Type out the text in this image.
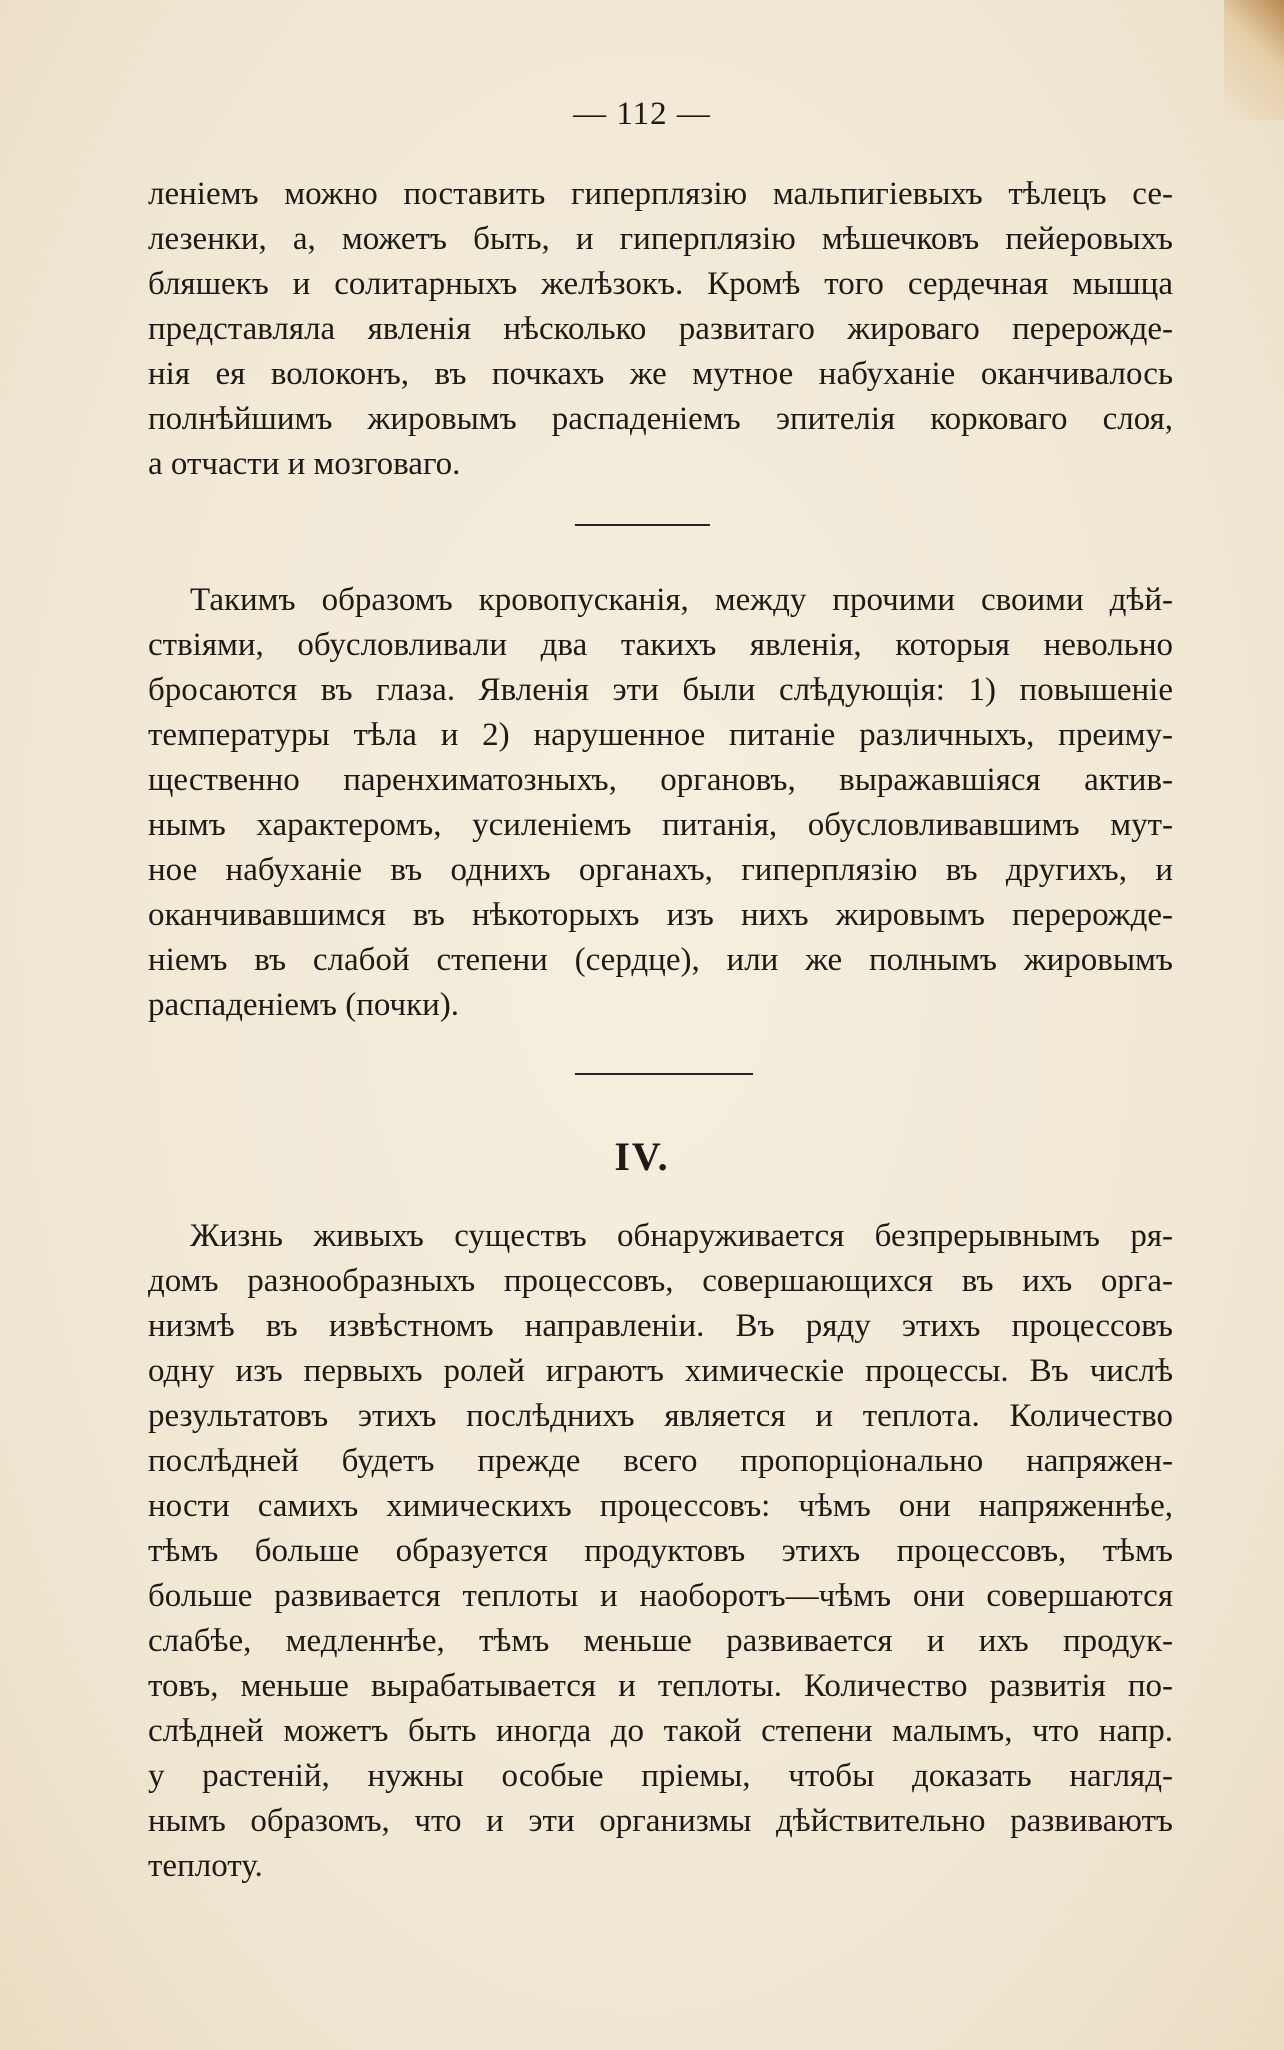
— 112 —
леніемъ можно поставить гиперплязію мальпигіевыхъ тѣлецъ се-
лезенки, а, можетъ быть, и гиперплязію мѣшечковъ пейеровыхъ
бляшекъ и солитарныхъ желѣзокъ. Кромѣ того сердечная мышца
представляла явленія нѣсколько развитаго жироваго перерожде-
нія ея волоконъ, въ почкахъ же мутное набуханіе оканчивалось
полнѣйшимъ жировымъ распаденіемъ эпителія корковаго слоя,
а отчасти и мозговаго.
Такимъ образомъ кровопусканія, между прочими своими дѣй-
ствіями, обусловливали два такихъ явленія, которыя невольно
бросаются въ глаза. Явленія эти были слѣдующія: 1) повышеніе
температуры тѣла и 2) нарушенное питаніе различныхъ, преиму-
щественно паренхиматозныхъ, органовъ, выражавшіяся актив-
нымъ характеромъ, усиленіемъ питанія, обусловливавшимъ мут-
ное набуханіе въ однихъ органахъ, гиперплязію въ другихъ, и
оканчивавшимся въ нѣкоторыхъ изъ нихъ жировымъ перерожде-
ніемъ въ слабой степени (сердце), или же полнымъ жировымъ
распаденіемъ (почки).
IV.
Жизнь живыхъ существъ обнаруживается безпрерывнымъ ря-
домъ разнообразныхъ процессовъ, совершающихся въ ихъ орга-
низмѣ въ извѣстномъ направленіи. Въ ряду этихъ процессовъ
одну изъ первыхъ ролей играютъ химическіе процессы. Въ числѣ
результатовъ этихъ послѣднихъ является и теплота. Количество
послѣдней будетъ прежде всего пропорціонально напряжен-
ности самихъ химическихъ процессовъ: чѣмъ они напряженнѣе,
тѣмъ больше образуется продуктовъ этихъ процессовъ, тѣмъ
больше развивается теплоты и наоборотъ—чѣмъ они совершаются
слабѣе, медленнѣе, тѣмъ меньше развивается и ихъ продук-
товъ, меньше вырабатывается и теплоты. Количество развитія по-
слѣдней можетъ быть иногда до такой степени малымъ, что напр.
у растеній, нужны особые пріемы, чтобы доказать нагляд-
нымъ образомъ, что и эти организмы дѣйствительно развиваютъ
теплоту.
